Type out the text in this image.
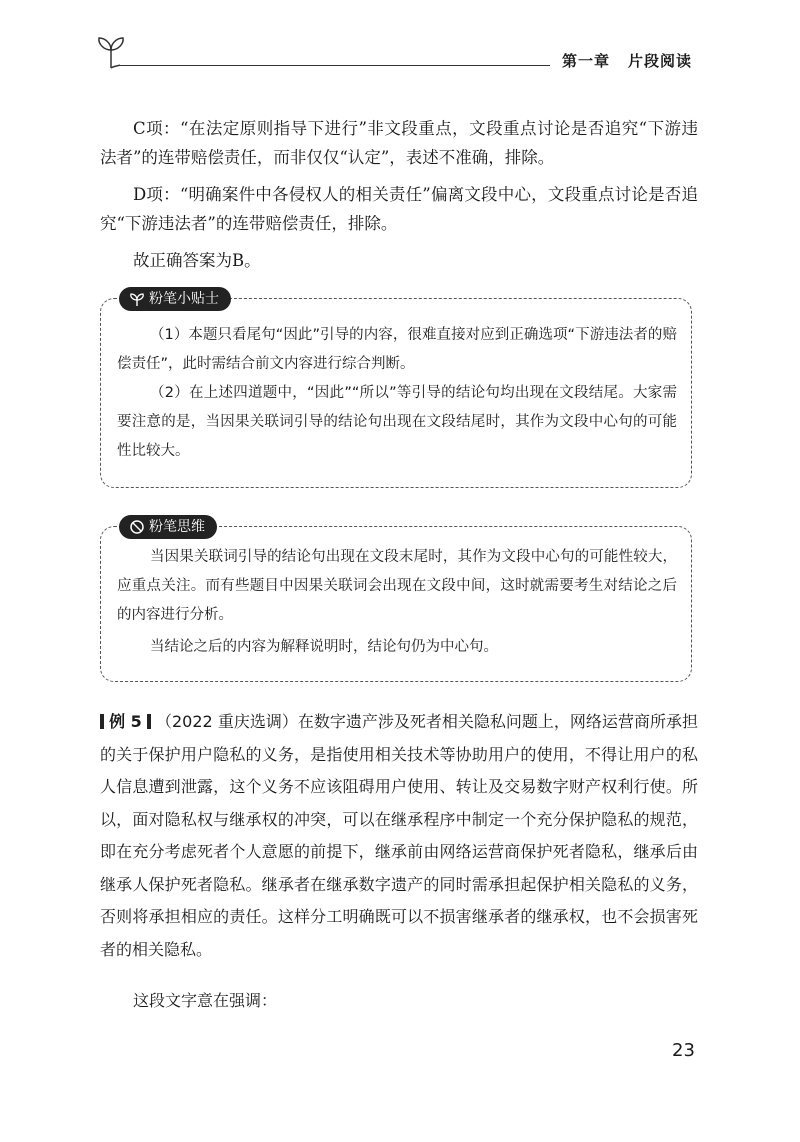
第一章 片段阅读

C项：“在法定原则指导下进行”非文段重点，文段重点讨论是否追究“下游违法者”的连带赔偿责任，而非仅仅“认定”，表述不准确，排除。

D项：“明确案件中各侵权人的相关责任”偏离文段中心，文段重点讨论是否追究“下游违法者”的连带赔偿责任，排除。

故正确答案为B。

粉笔小贴士

（1）本题只看尾句“因此”引导的内容，很难直接对应到正确选项“下游违法者的赔偿责任”，此时需结合前文内容进行综合判断。

（2）在上述四道题中，“因此”“所以”等引导的结论句均出现在文段结尾。大家需要注意的是，当因果关联词引导的结论句出现在文段结尾时，其作为文段中心句的可能性比较大。

粉笔思维

当因果关联词引导的结论句出现在文段末尾时，其作为文段中心句的可能性较大，应重点关注。而有些题目中因果关联词会出现在文段中间，这时就需要考生对结论之后的内容进行分析。

当结论之后的内容为解释说明时，结论句仍为中心句。

例 5 （2022 重庆选调）在数字遗产涉及死者相关隐私问题上，网络运营商所承担的关于保护用户隐私的义务，是指使用相关技术等协助用户的使用，不得让用户的私人信息遭到泄露，这个义务不应该阻碍用户使用、转让及交易数字财产权利行使。所以，面对隐私权与继承权的冲突，可以在继承程序中制定一个充分保护隐私的规范，即在充分考虑死者个人意愿的前提下，继承前由网络运营商保护死者隐私，继承后由继承人保护死者隐私。继承者在继承数字遗产的同时需承担起保护相关隐私的义务，否则将承担相应的责任。这样分工明确既可以不损害继承者的继承权，也不会损害死者的相关隐私。

这段文字意在强调：

23
